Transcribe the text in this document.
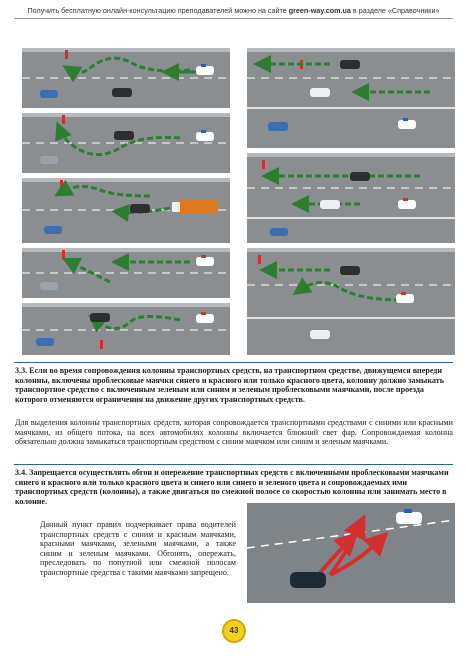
Получить бесплатную онлайн-консультацию преподавателей можно на сайте green-way.com.ua в разделе «Справочники»
3.3. Если во время сопровождения колонны транспортных средств, на транспортном средстве, движущемся впереди колонны, включены проблесковые маячки синего и красного или только красного цвета, колонну должно замыкать транспортное средство с включенным зеленым или синим и зеленым проблесковыми маячками, после проезда которого отменяются ограничения на движение других транспортных средств.
Для выделения колонны транспортных средств, которая сопровождается транспортными средствами с синими или красными маячками, из общего потока, на всех автомобилях колонны включается ближний свет фар. Сопровождаемая колонна обязательно должна замыкаться транспортным средством с синим маячком или синим и зеленым маячками.
3.4. Запрещается осуществлять обгон и опережение транспортных средств с включенными проблесковыми маячками синего и красного или только красного цвета и синего или синего и зеленого цвета и сопровождаемых ими транспортных средств (колонны), а также двигаться по смежной полосе со скоростью колонны или занимать место в колонне.
Данный пункт правил подчеркивает права водителей транспортных средств с синим и красным маячками, красными маячками, зелеными маячками, а также синим и зеленым маячками. Обгонять, опережать, преследовать по попутной или смежной полосам транспортные средства с такими маячками запрещено.
43
